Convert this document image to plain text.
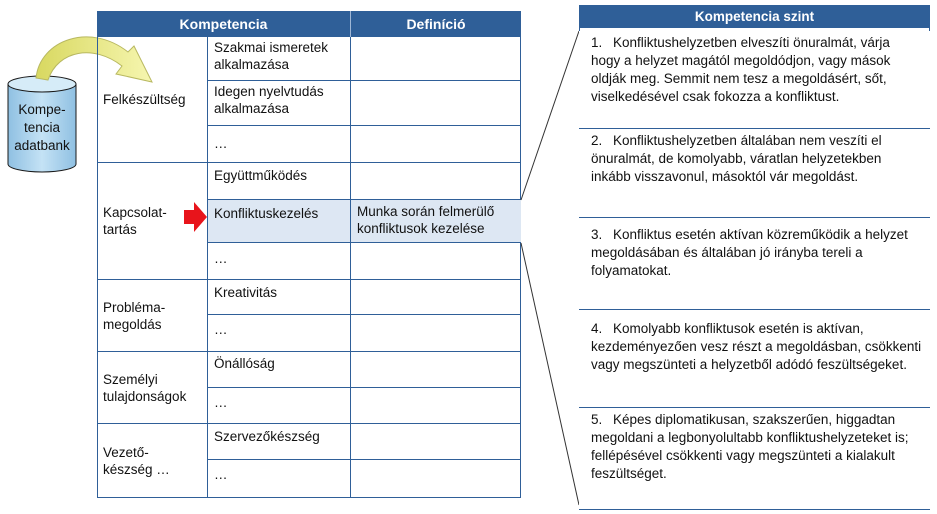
Kompe-
tencia
adatbank
Kompetencia	Definíció
Felkészültség
Kapcsolat-
tartás
Probléma-
megoldás
Személyi
tulajdonságok
Vezető-
készség …
Szakmai ismeretek alkalmazása
Idegen nyelvtudás alkalmazása
…
Együttműködés
Konfliktuskezelés	Munka során felmerülő konfliktusok kezelése
…
Kreativitás
…
Önállóság
…
Szervezőkészség
…
Kompetencia szint
1. Konfliktushelyzetben elveszíti önuralmát, várja hogy a helyzet magától megoldódjon, vagy mások oldják meg. Semmit nem tesz a megoldásért, sőt, viselkedésével csak fokozza a konfliktust.
2. Konfliktushelyzetben általában nem veszíti el önuralmát, de komolyabb, váratlan helyzetekben inkább visszavonul, másoktól vár megoldást.
3. Konfliktus esetén aktívan közreműködik a helyzet megoldásában és általában jó irányba tereli a folyamatokat.
4. Komolyabb konfliktusok esetén is aktívan, kezdeményezően vesz részt a megoldásban, csökkenti vagy megszünteti a helyzetből adódó feszültségeket.
5. Képes diplomatikusan, szakszerűen, higgadtan megoldani a legbonyolultabb konfliktushelyzeteket is; fellépésével csökkenti vagy megszünteti a kialakult feszültséget.
